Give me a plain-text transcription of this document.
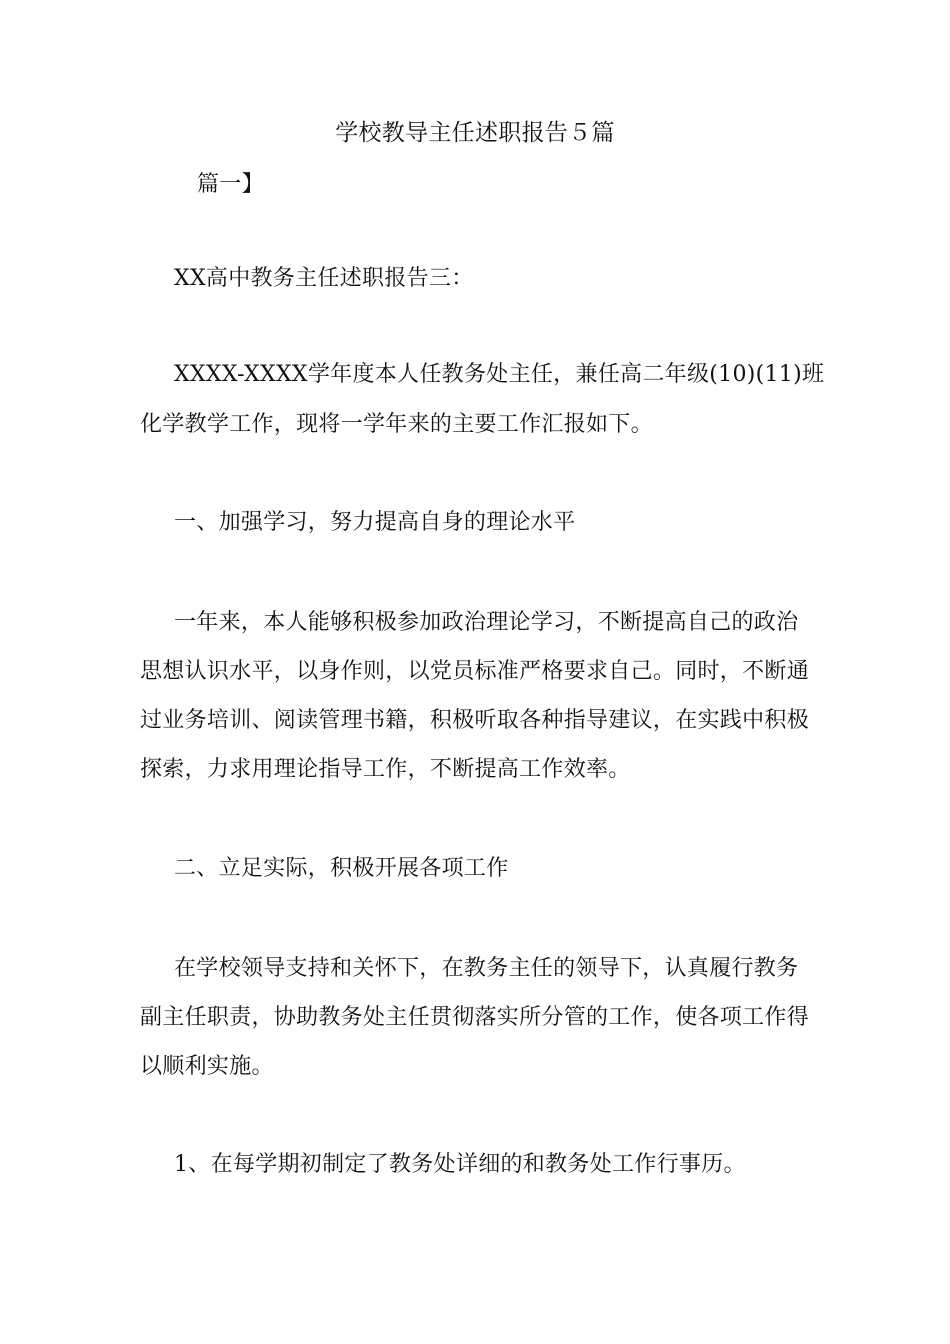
学校教导主任述职报告５篇
篇一】
XX高中教务主任述职报告三：
XXXX-XXXX学年度本人任教务处主任，兼任高二年级(10)(11)班
化学教学工作，现将一学年来的主要工作汇报如下。
一、加强学习，努力提高自身的理论水平
一年来，本人能够积极参加政治理论学习，不断提高自己的政治
思想认识水平，以身作则，以党员标准严格要求自己。同时，不断通
过业务培训、阅读管理书籍，积极听取各种指导建议，在实践中积极
探索，力求用理论指导工作，不断提高工作效率。
二、立足实际，积极开展各项工作
在学校领导支持和关怀下，在教务主任的领导下，认真履行教务
副主任职责，协助教务处主任贯彻落实所分管的工作，使各项工作得
以顺利实施。
1、在每学期初制定了教务处详细的和教务处工作行事历。
